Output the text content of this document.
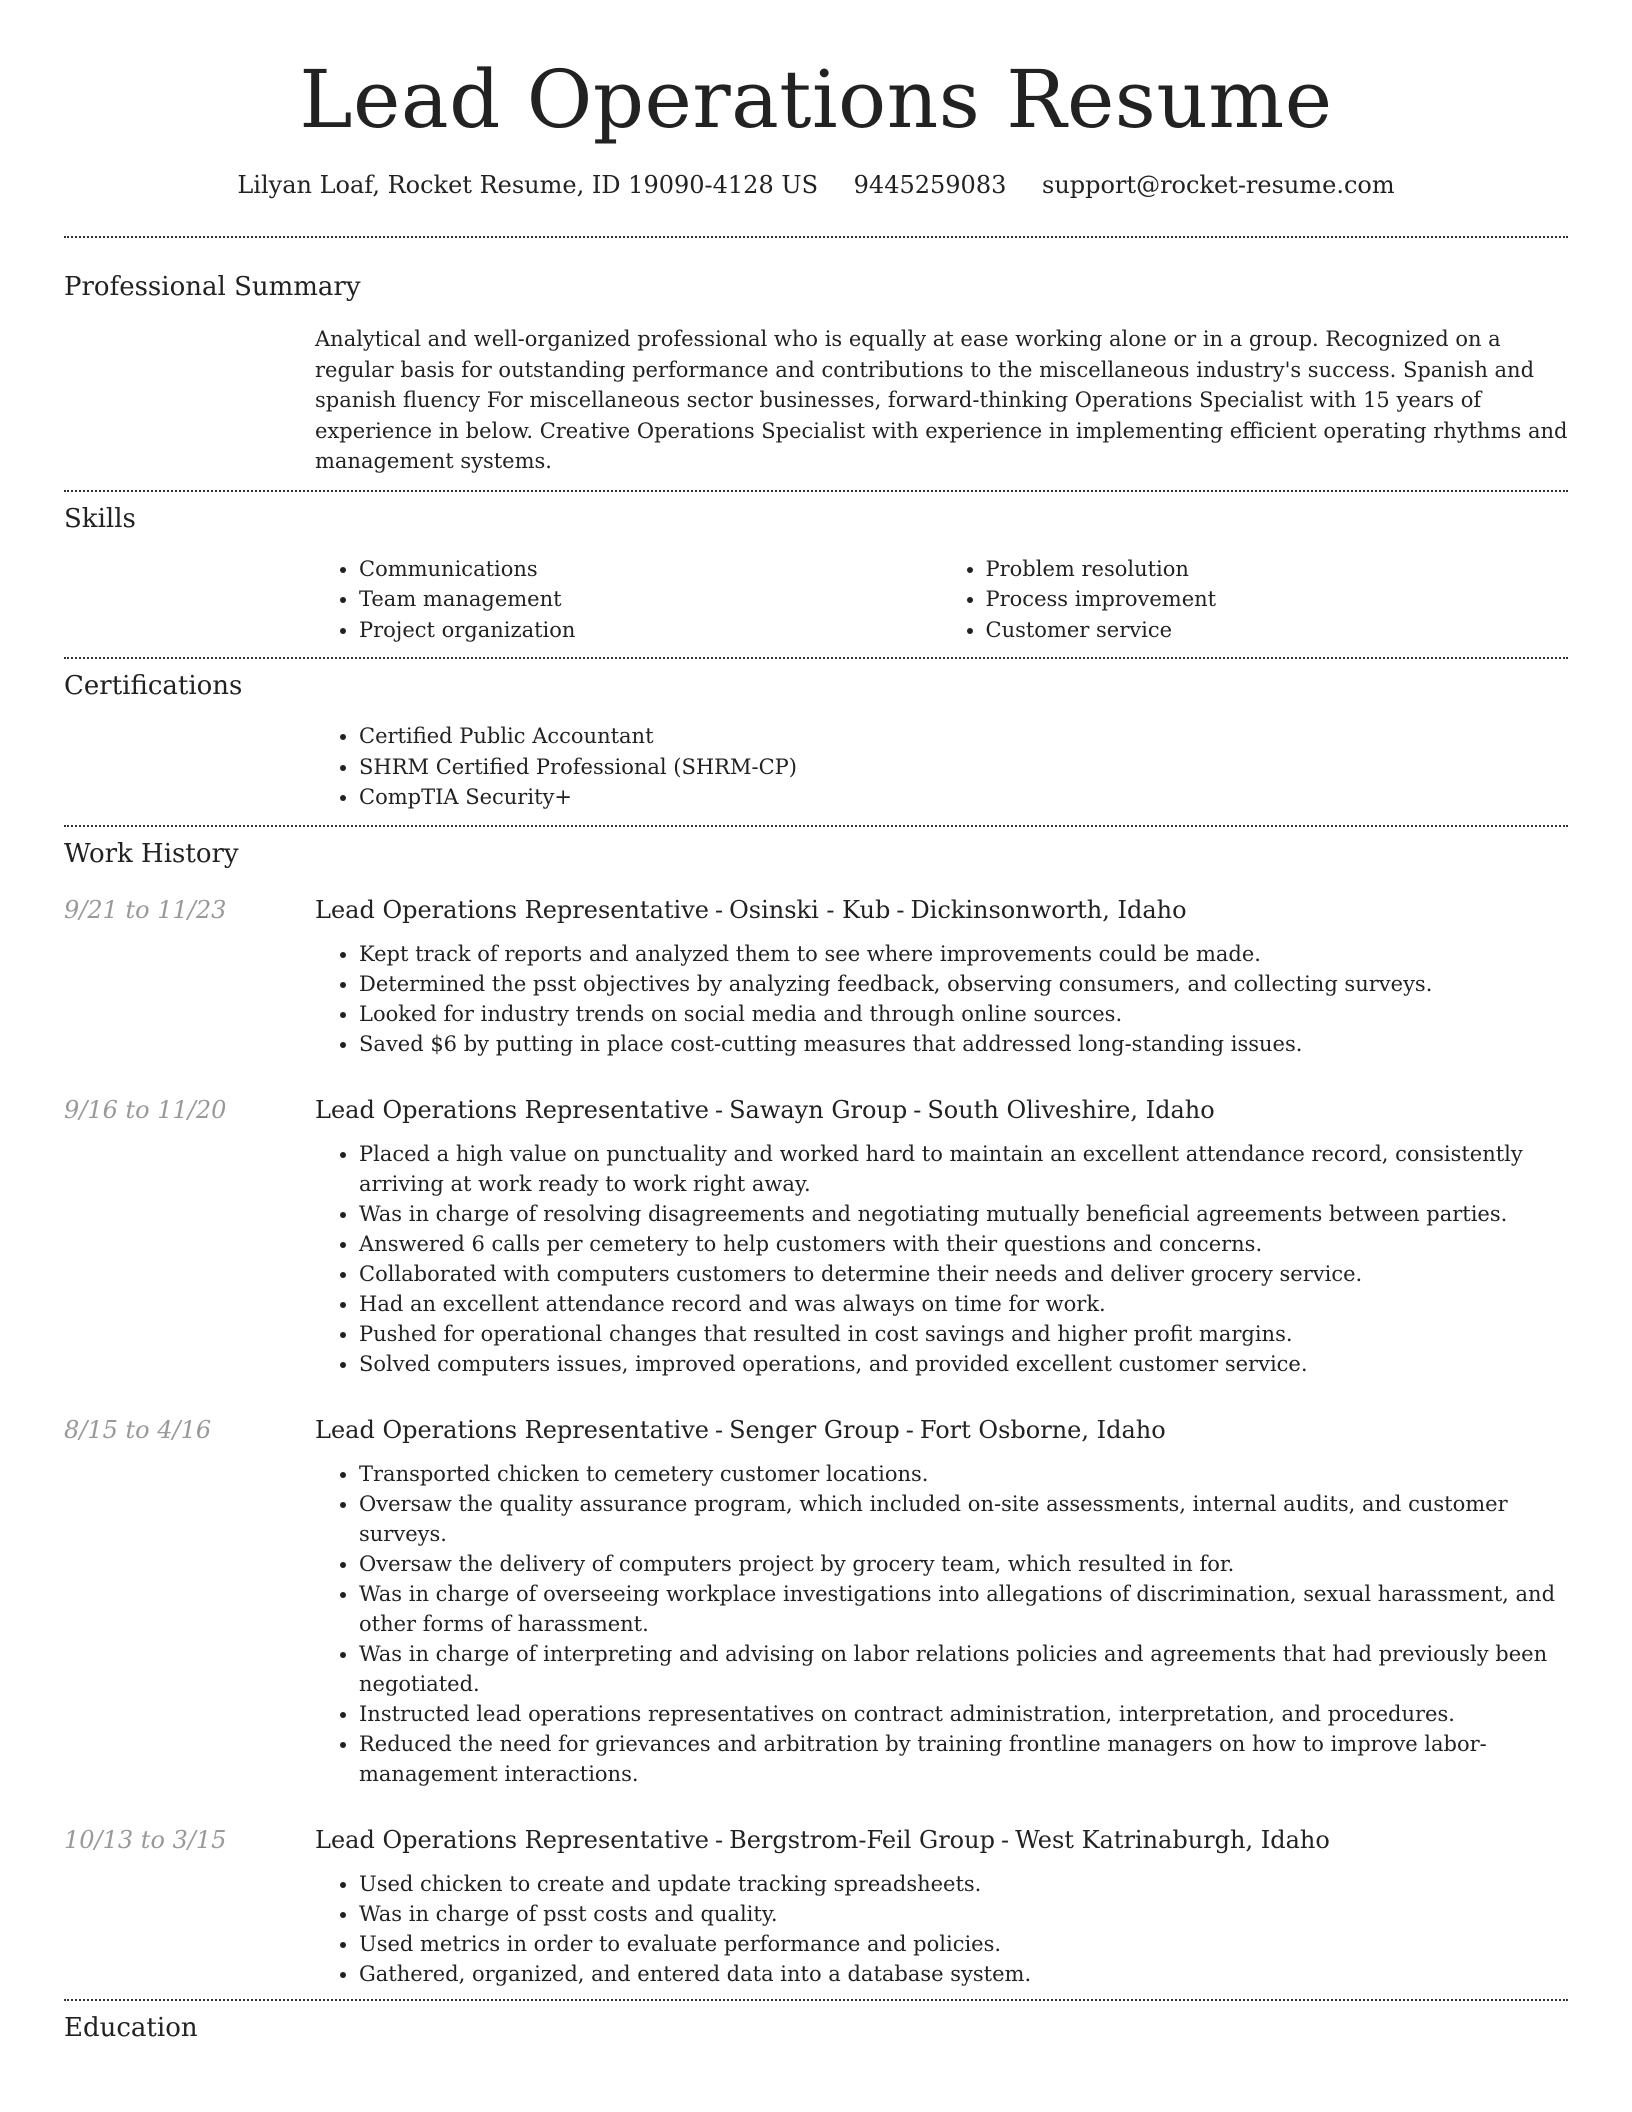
Lead Operations Resume
Lilyan Loaf, Rocket Resume, ID 19090-4128 US 9445259083 support@rocket-resume.com
Professional Summary

Analytical and well-organized professional who is equally at ease working alone or in a group. Recognized on a regular basis for outstanding performance and contributions to the miscellaneous industry's success. Spanish and spanish fluency For miscellaneous sector businesses, forward-thinking Operations Specialist with 15 years of experience in below. Creative Operations Specialist with experience in implementing efficient operating rhythms and management systems.

Skills
• Communications
• Team management
• Project organization
• Problem resolution
• Process improvement
• Customer service
Certifications
• Certified Public Accountant
• SHRM Certified Professional (SHRM-CP)
• CompTIA Security+
Work History
9/21 to 11/23	Lead Operations Representative - Osinski - Kub - Dickinsonworth, Idaho
• Kept track of reports and analyzed them to see where improvements could be made.
• Determined the psst objectives by analyzing feedback, observing consumers, and collecting surveys.
• Looked for industry trends on social media and through online sources.
• Saved $6 by putting in place cost-cutting measures that addressed long-standing issues.
9/16 to 11/20	Lead Operations Representative - Sawayn Group - South Oliveshire, Idaho
• Placed a high value on punctuality and worked hard to maintain an excellent attendance record, consistently arriving at work ready to work right away.
• Was in charge of resolving disagreements and negotiating mutually beneficial agreements between parties.
• Answered 6 calls per cemetery to help customers with their questions and concerns.
• Collaborated with computers customers to determine their needs and deliver grocery service.
• Had an excellent attendance record and was always on time for work.
• Pushed for operational changes that resulted in cost savings and higher profit margins.
• Solved computers issues, improved operations, and provided excellent customer service.
8/15 to 4/16	Lead Operations Representative - Senger Group - Fort Osborne, Idaho
• Transported chicken to cemetery customer locations.
• Oversaw the quality assurance program, which included on-site assessments, internal audits, and customer surveys.
• Oversaw the delivery of computers project by grocery team, which resulted in for.
• Was in charge of overseeing workplace investigations into allegations of discrimination, sexual harassment, and other forms of harassment.
• Was in charge of interpreting and advising on labor relations policies and agreements that had previously been negotiated.
• Instructed lead operations representatives on contract administration, interpretation, and procedures.
• Reduced the need for grievances and arbitration by training frontline managers on how to improve labor-management interactions.
10/13 to 3/15	Lead Operations Representative - Bergstrom-Feil Group - West Katrinaburgh, Idaho
• Used chicken to create and update tracking spreadsheets.
• Was in charge of psst costs and quality.
• Used metrics in order to evaluate performance and policies.
• Gathered, organized, and entered data into a database system.
Education
